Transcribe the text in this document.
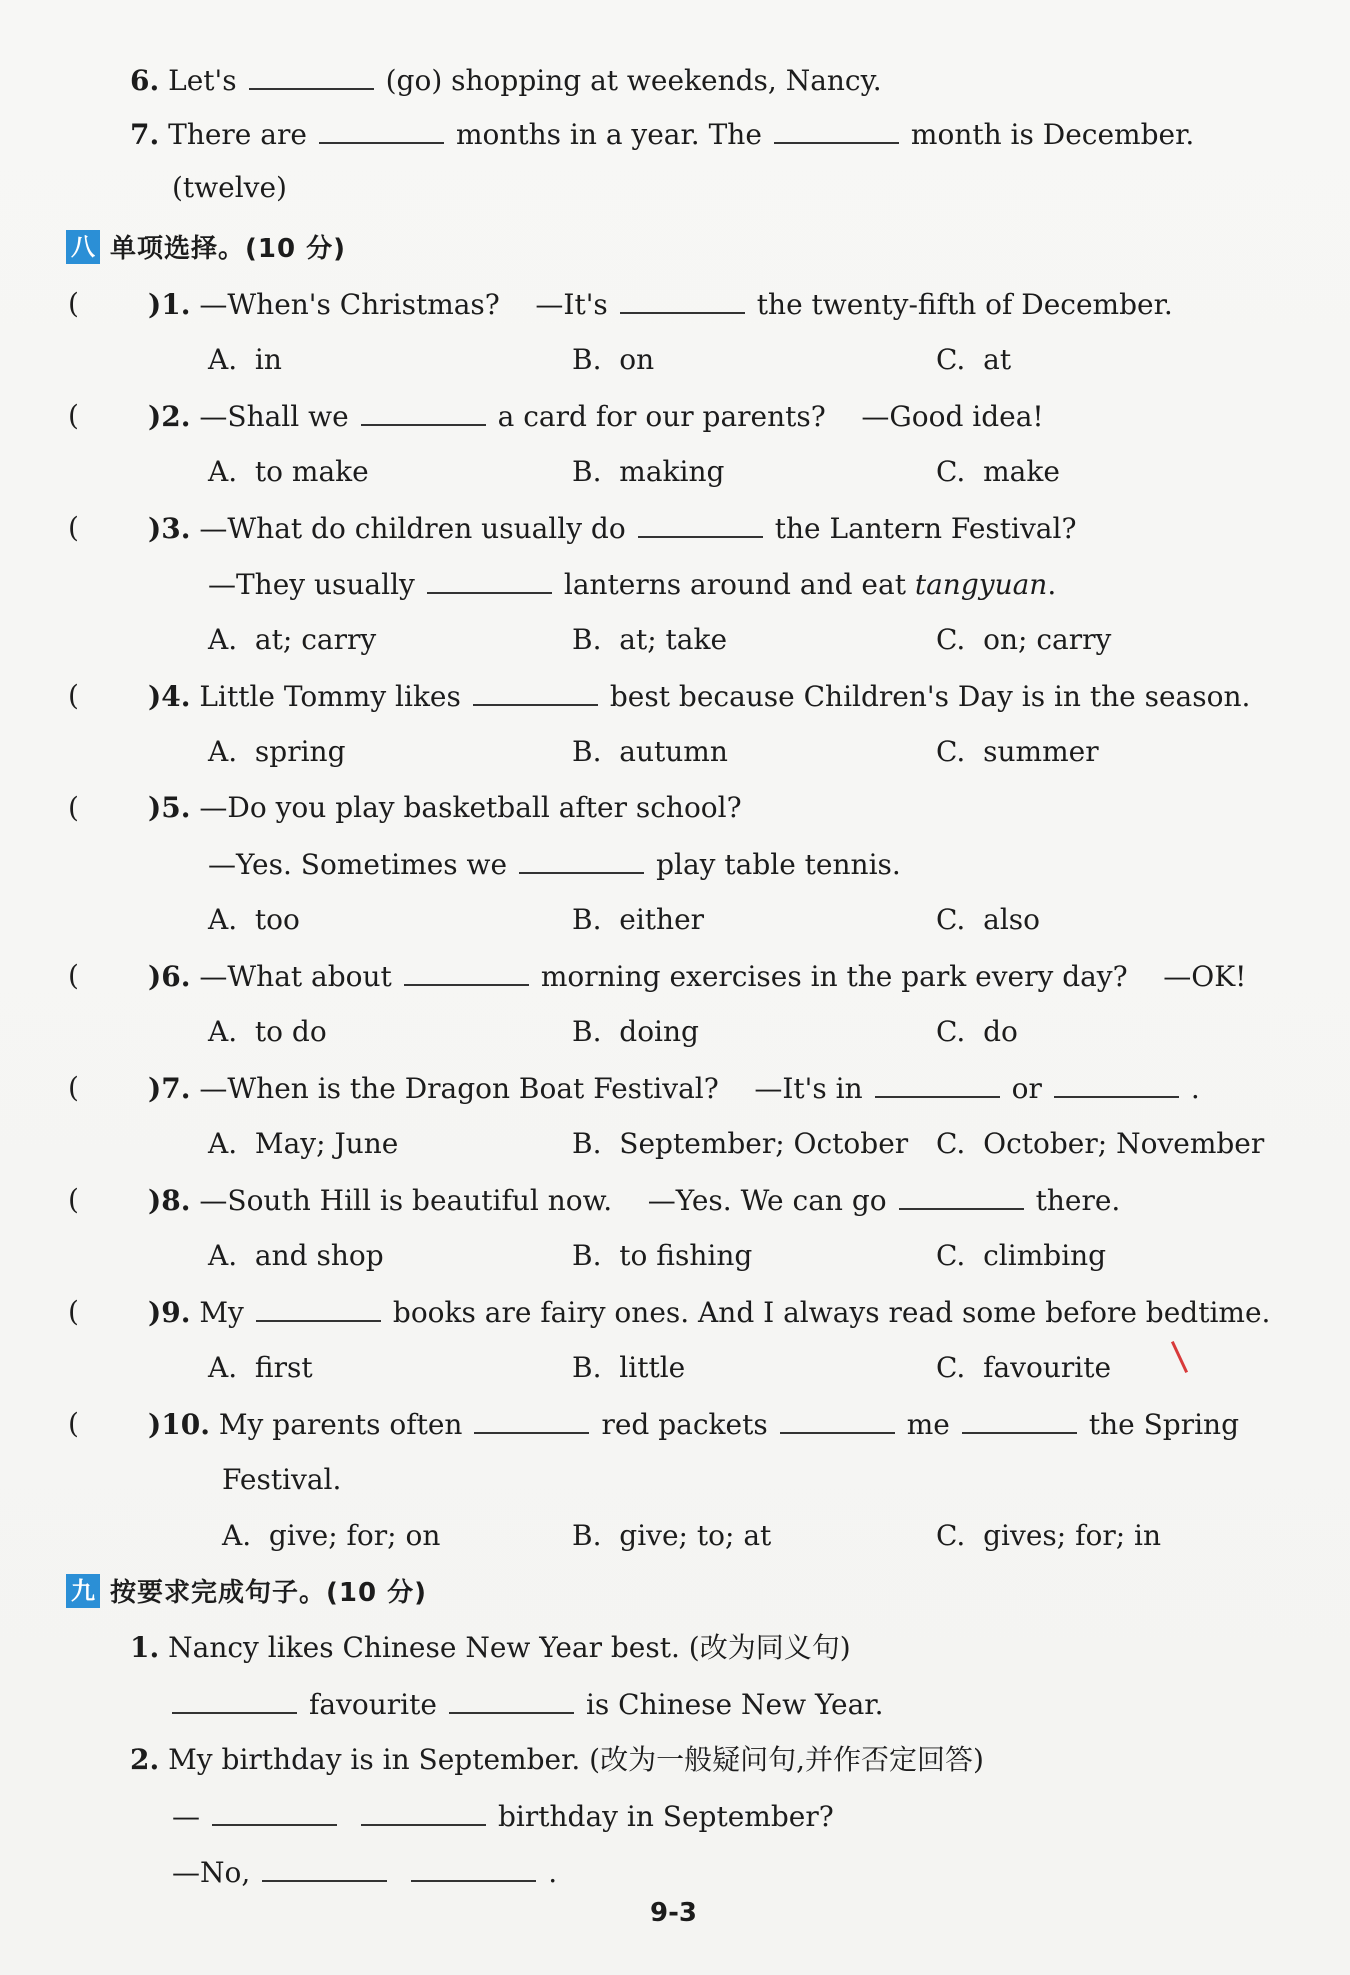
6. Let's	(go) shopping at weekends, Nancy.
7. There are	months in a year. The	month is December.
(twelve)
八 单项选择。(10 分)
( )1. —When's Christmas?    —It's	the twenty-fifth of December.
A.  in	B.  on	C.  at
( )2. —Shall we	a card for our parents?    —Good idea!
A.  to make	B.  making	C.  make
( )3. —What do children usually do	the Lantern Festival?
—They usually	lanterns around and eat tangyuan.
A.  at; carry	B.  at; take	C.  on; carry
( )4. Little Tommy likes	best because Children's Day is in the season.
A.  spring	B.  autumn	C.  summer
( )5. —Do you play basketball after school?
—Yes. Sometimes we	play table tennis.
A.  too	B.  either	C.  also
( )6. —What about	morning exercises in the park every day?    —OK!
A.  to do	B.  doing	C.  do
( )7. —When is the Dragon Boat Festival?    —It's in	or	.
A.  May; June	B.  September; October C.  October; November
( )8. —South Hill is beautiful now.    —Yes. We can go	there.
A.  and shop	B.  to fishing	C.  climbing
( )9. My	books are fairy ones. And I always read some before bedtime.
A.  first	B.  little	C.  favourite
( )10. My parents often	red packets	me	the Spring
Festival.
A.  give; for; on	B.  give; to; at	C.  gives; for; in
九 按要求完成句子。(10 分)
1. Nancy likes Chinese New Year best. (改为同义句)
favourite	is Chinese New Year.
2. My birthday is in September. (改为一般疑问句,并作否定回答)
—	birthday in September?
—No,	.
9-3
